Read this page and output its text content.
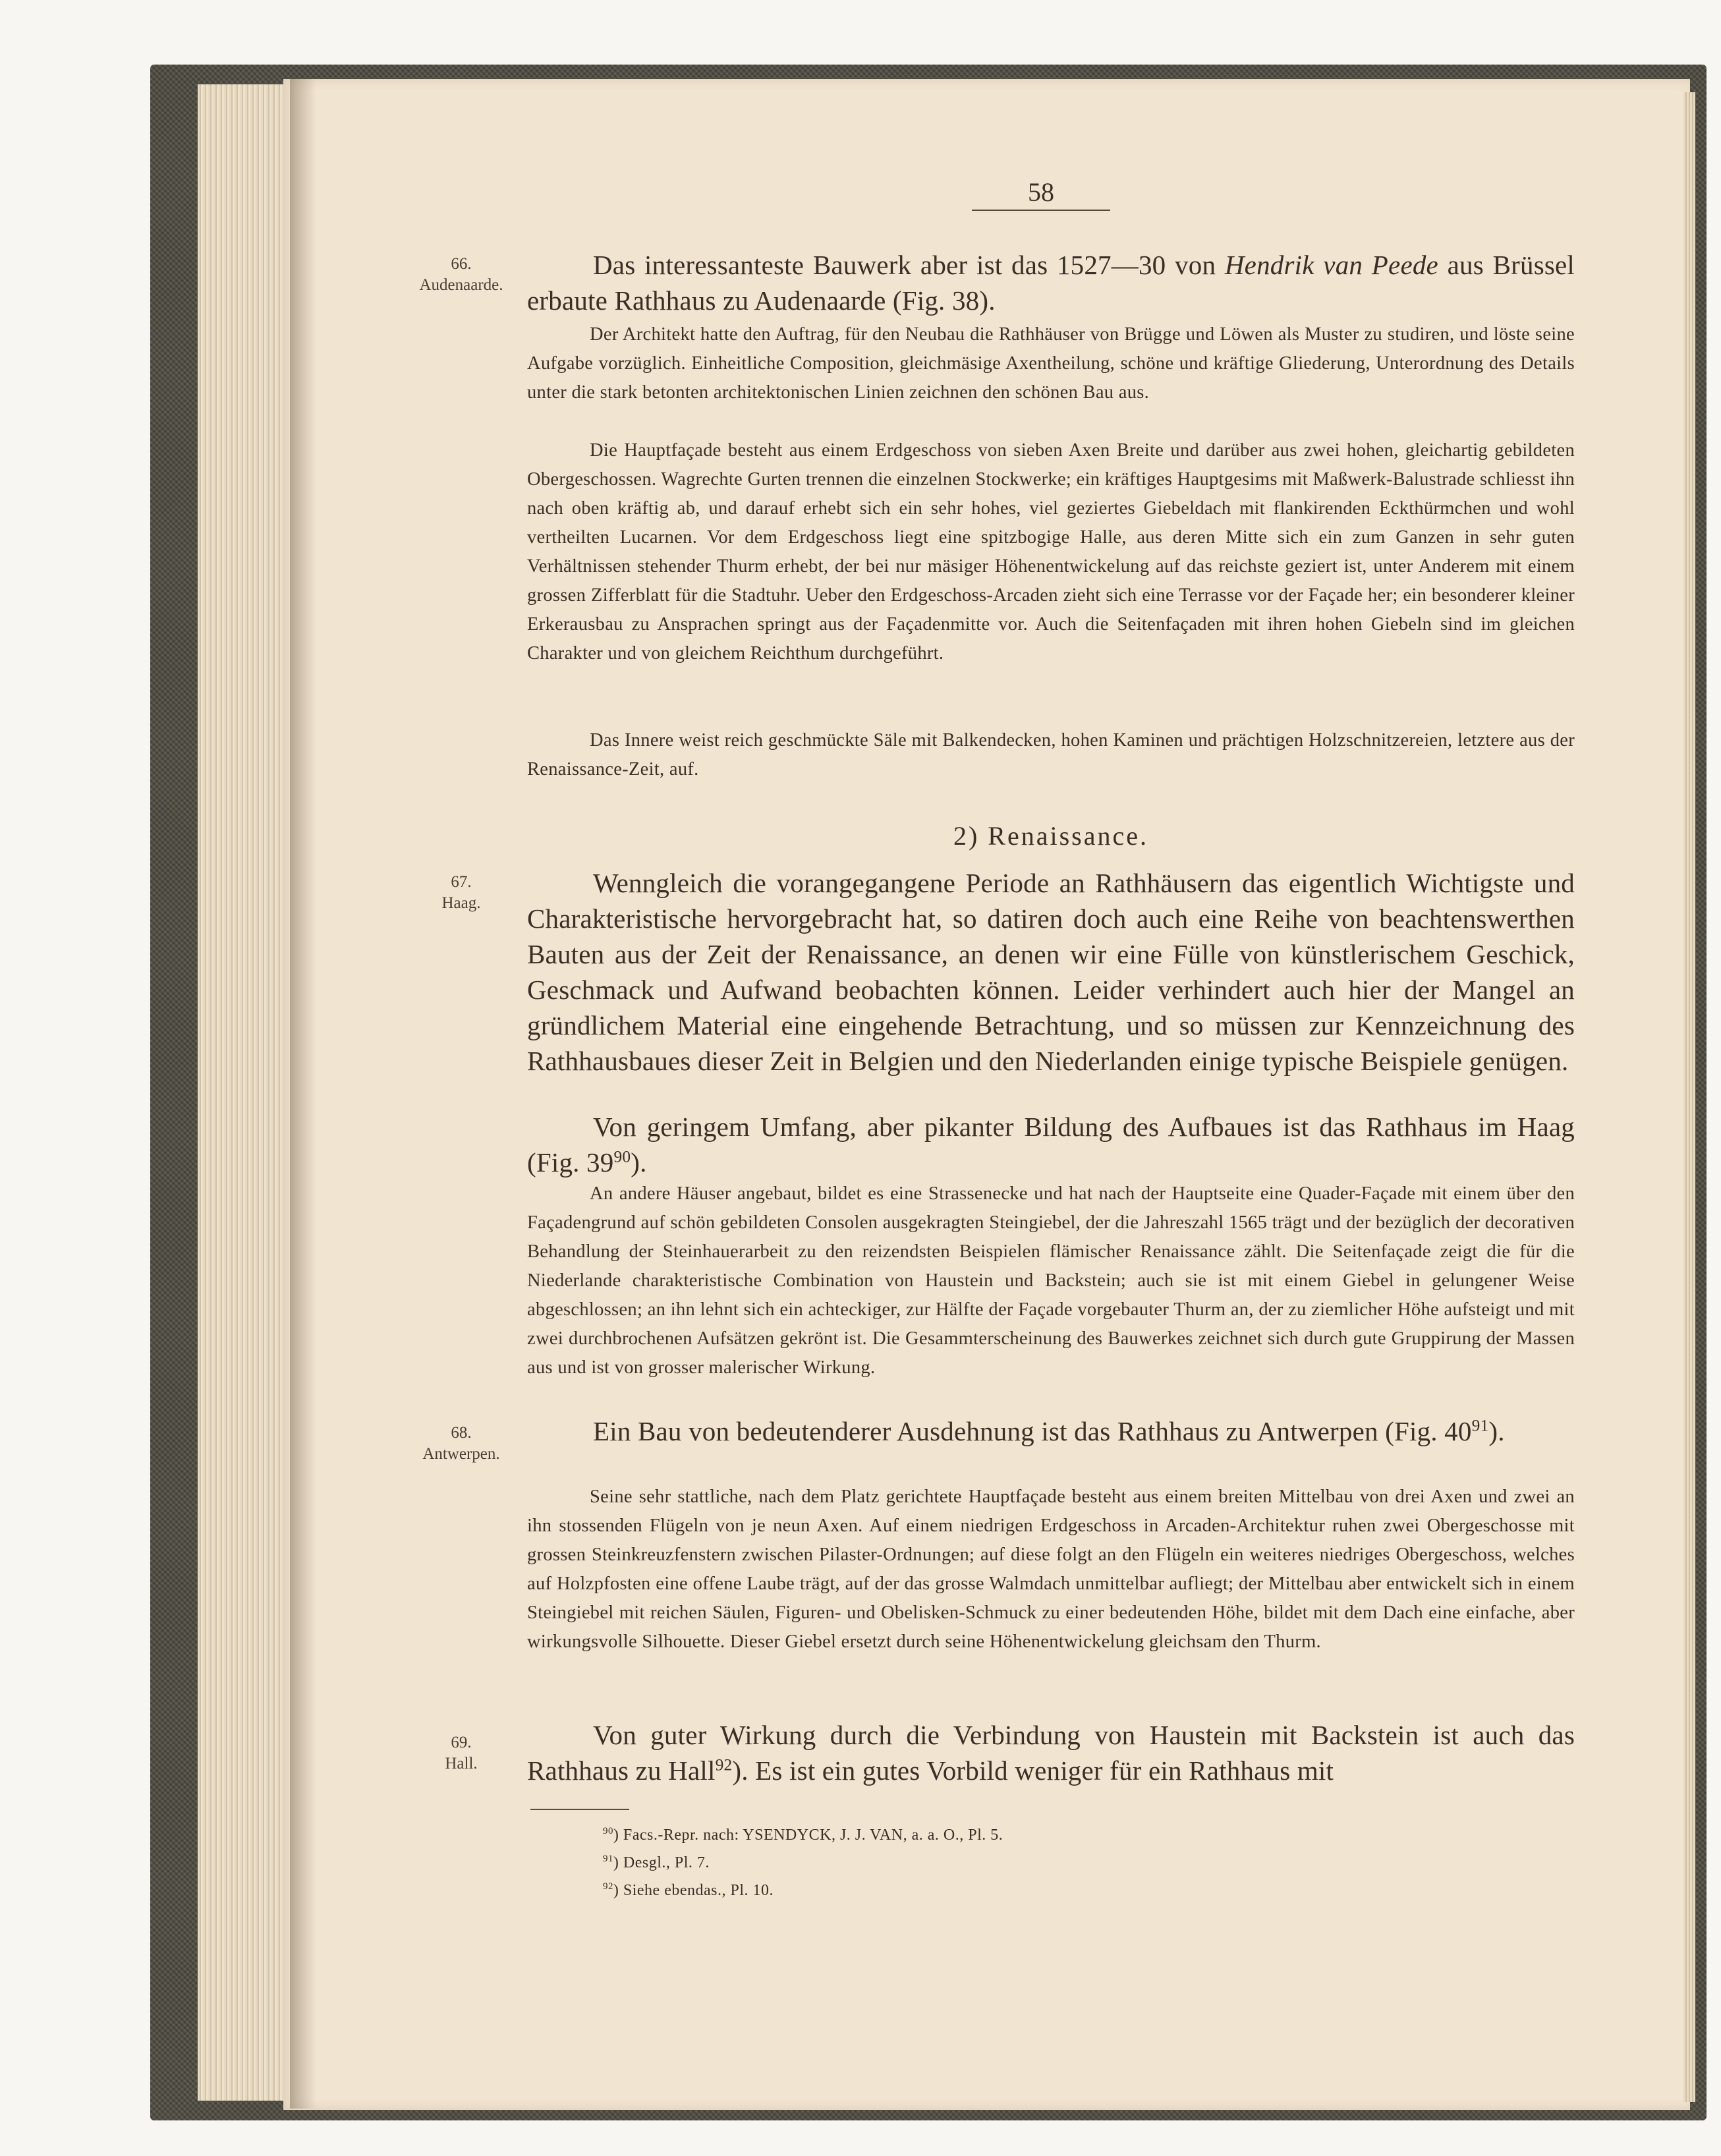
58
66.
Audenaarde.
67.
Haag.
68.
Antwerpen.
69.
Hall.
Das interessanteste Bauwerk aber ist das 1527—30 von Hendrik van Peede aus Brüssel erbaute Rathhaus zu Audenaarde (Fig. 38).
Der Architekt hatte den Auftrag, für den Neubau die Rathhäuser von Brügge und Löwen als Muster zu studiren, und löste seine Aufgabe vorzüglich. Einheitliche Composition, gleichmäsige Axentheilung, schöne und kräftige Gliederung, Unterordnung des Details unter die stark betonten architektonischen Linien zeichnen den schönen Bau aus.
Die Hauptfaçade besteht aus einem Erdgeschoss von sieben Axen Breite und darüber aus zwei hohen, gleichartig gebildeten Obergeschossen. Wagrechte Gurten trennen die einzelnen Stockwerke; ein kräftiges Hauptgesims mit Maßwerk-Balustrade schliesst ihn nach oben kräftig ab, und darauf erhebt sich ein sehr hohes, viel geziertes Giebeldach mit flankirenden Eckthürmchen und wohl vertheilten Lucarnen. Vor dem Erdgeschoss liegt eine spitzbogige Halle, aus deren Mitte sich ein zum Ganzen in sehr guten Verhältnissen stehender Thurm erhebt, der bei nur mäsiger Höhenentwickelung auf das reichste geziert ist, unter Anderem mit einem grossen Zifferblatt für die Stadtuhr. Ueber den Erdgeschoss-Arcaden zieht sich eine Terrasse vor der Façade her; ein besonderer kleiner Erkerausbau zu Ansprachen springt aus der Façadenmitte vor. Auch die Seitenfaçaden mit ihren hohen Giebeln sind im gleichen Charakter und von gleichem Reichthum durchgeführt.
Das Innere weist reich geschmückte Säle mit Balkendecken, hohen Kaminen und prächtigen Holzschnitzereien, letztere aus der Renaissance-Zeit, auf.
2) Renaissance.
Wenngleich die vorangegangene Periode an Rathhäusern das eigentlich Wichtigste und Charakteristische hervorgebracht hat, so datiren doch auch eine Reihe von beachtenswerthen Bauten aus der Zeit der Renaissance, an denen wir eine Fülle von künstlerischem Geschick, Geschmack und Aufwand beobachten können. Leider verhindert auch hier der Mangel an gründlichem Material eine eingehende Betrachtung, und so müssen zur Kennzeichnung des Rathhausbaues dieser Zeit in Belgien und den Niederlanden einige typische Beispiele genügen.
Von geringem Umfang, aber pikanter Bildung des Aufbaues ist das Rathhaus im Haag (Fig. $39^{90}$).
An andere Häuser angebaut, bildet es eine Strassenecke und hat nach der Hauptseite eine Quader-Façade mit einem über den Façadengrund auf schön gebildeten Consolen ausgekragten Steingiebel, der die Jahreszahl 1565 trägt und der bezüglich der decorativen Behandlung der Steinhauerarbeit zu den reizendsten Beispielen flämischer Renaissance zählt. Die Seitenfaçade zeigt die für die Niederlande charakteristische Combination von Haustein und Backstein; auch sie ist mit einem Giebel in gelungener Weise abgeschlossen; an ihn lehnt sich ein achteckiger, zur Hälfte der Façade vorgebauter Thurm an, der zu ziemlicher Höhe aufsteigt und mit zwei durchbrochenen Aufsätzen gekrönt ist. Die Gesammterscheinung des Bauwerkes zeichnet sich durch gute Gruppirung der Massen aus und ist von grosser malerischer Wirkung.
Ein Bau von bedeutenderer Ausdehnung ist das Rathhaus zu Antwerpen (Fig. $40^{91}$).
Seine sehr stattliche, nach dem Platz gerichtete Hauptfaçade besteht aus einem breiten Mittelbau von drei Axen und zwei an ihn stossenden Flügeln von je neun Axen. Auf einem niedrigen Erdgeschoss in Arcaden-Architektur ruhen zwei Obergeschosse mit grossen Steinkreuzfenstern zwischen Pilaster-Ordnungen; auf diese folgt an den Flügeln ein weiteres niedriges Obergeschoss, welches auf Holzpfosten eine offene Laube trägt, auf der das grosse Walmdach unmittelbar aufliegt; der Mittelbau aber entwickelt sich in einem Steingiebel mit reichen Säulen, Figuren- und Obelisken-Schmuck zu einer bedeutenden Höhe, bildet mit dem Dach eine einfache, aber wirkungsvolle Silhouette. Dieser Giebel ersetzt durch seine Höhenentwickelung gleichsam den Thurm.
Von guter Wirkung durch die Verbindung von Haustein mit Backstein ist auch das Rathhaus zu Hall$^{92}$). Es ist ein gutes Vorbild weniger für ein Rathhaus mit
$^{90}$) Facs.-Repr. nach: YSENDYCK, J. J. VAN, a. a. O., Pl. 5.
$^{91}$) Desgl., Pl. 7.
$^{92}$) Siehe ebendas., Pl. 10.
